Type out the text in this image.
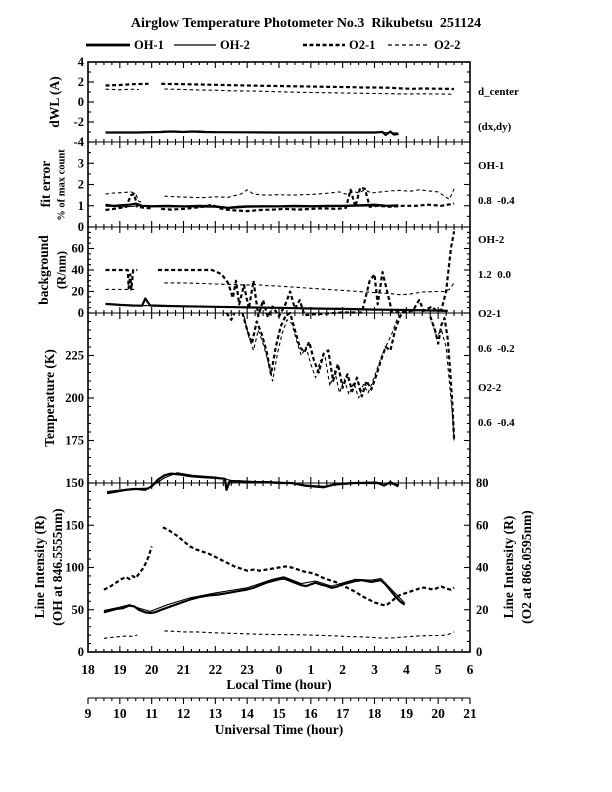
Airglow Temperature Photometer No.3  Rikubetsu  251124
OH-1	OH-2	O2-1	O2-2
-4
-2
0
2
4
0
1
2
3
0
20
40
60
150
175
200
225
0
50
100
150
0
20
40
60
80
18 19 20 21 22 23 0 1 2 3 4 5 6
9 10 11 12 13 14 15 16 17 18 19 20 21
dWL (A)
fit error % of max count
background (R/nm)
Temperature (K)
Line Intensity (R) (OH at 846.5555nm)	Line Intensity (R) (O2 at 866.0595nm)

d_center

(dx,dy)

OH-1

0.8  -0.4

OH-2

1.2  0.0

O2-1

0.6  -0.2

O2-2

0.6  -0.4

Local Time (hour)
Universal Time (hour)
